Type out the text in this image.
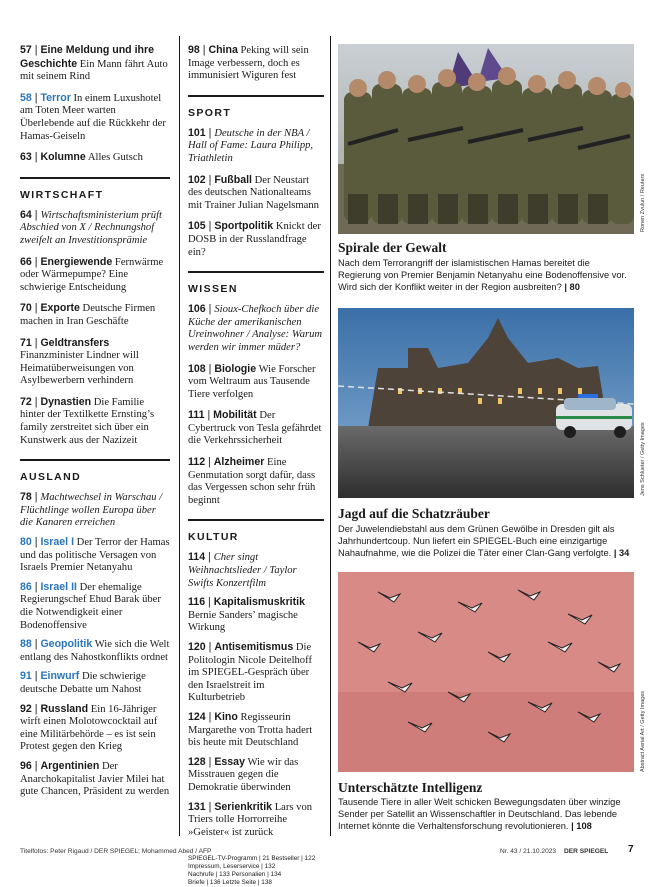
57 | Eine Meldung und ihre Geschichte Ein Mann fährt Auto mit seinem Rind
58 | Terror In einem Luxushotel am Toten Meer warten Überlebende auf die Rückkehr der Hamas-Geiseln
63 | Kolumne Alles Gutsch
WIRTSCHAFT
64 | Wirtschaftsministerium prüft Abschied von X / Rechnungshof zweifelt an Investitionsprämie
66 | Energiewende Fernwärme oder Wärmepumpe? Eine schwierige Entscheidung
70 | Exporte Deutsche Firmen machen in Iran Geschäfte
71 | Geldtransfers Finanzminister Lindner will Heimatüberweisungen von Asylbewerbern verhindern
72 | Dynastien Die Familie hinter der Textilkette Ernsting’s family zerstreitet sich über ein Kunstwerk aus der Nazizeit
AUSLAND
78 | Machtwechsel in Warschau / Flüchtlinge wollen Europa über die Kanaren erreichen
80 | Israel I Der Terror der Hamas und das politische Versagen von Israels Premier Netanyahu
86 | Israel II Der ehemalige Regierungschef Ehud Barak über die Notwendigkeit einer Bodenoffensive
88 | Geopolitik Wie sich die Welt entlang des Nahostkonflikts ordnet
91 | Einwurf Die schwierige deutsche Debatte um Nahost
92 | Russland Ein 16-Jähriger wirft einen Molotowcocktail auf eine Militärbehörde – es ist sein Protest gegen den Krieg
96 | Argentinien Der Anarchokapitalist Javier Milei hat gute Chancen, Präsident zu werden
98 | China Peking will sein Image verbessern, doch es immunisiert Wiguren fest
SPORT
101 | Deutsche in der NBA / Hall of Fame: Laura Philipp, Triathletin
102 | Fußball Der Neustart des deutschen Nationalteams mit Trainer Julian Nagelsmann
105 | Sportpolitik Knickt der DOSB in der Russlandfrage ein?
WISSEN
106 | Sioux-Chefkoch über die Küche der amerikanischen Ureinwohner / Analyse: Warum werden wir immer müder?
108 | Biologie Wie Forscher vom Weltraum aus Tausende Tiere verfolgen
111 | Mobilität Der Cybertruck von Tesla gefährdet die Verkehrssicherheit
112 | Alzheimer Eine Genmutation sorgt dafür, dass das Vergessen schon sehr früh beginnt
KULTUR
114 | Cher singt Weihnachtslieder / Taylor Swifts Konzertfilm
116 | Kapitalismuskritik Bernie Sanders’ magische Wirkung
120 | Antisemitismus Die Politologin Nicole Deitelhoff im SPIEGEL-Gespräch über den Israelstreit im Kulturbetrieb
124 | Kino Regisseurin Margarethe von Trotta hadert bis heute mit Deutschland
128 | Essay Wie wir das Misstrauen gegen die Demokratie überwinden
131 | Serienkritik Lars von Triers tolle Horrorreihe »Geister« ist zurück
SPIEGEL-TV-Programm | 21 Bestseller | 122
Impressum, Leserservice | 132
Nachrufe | 133 Personalien | 134
Briefe | 136 Letzte Seite | 138
Ronen Zvulun / Reuters
Spirale der Gewalt
Nach dem Terrorangriff der islamistischen Hamas bereitet die Regierung von Premier Benjamin Netanyahu eine Bodenoffensive vor. Wird sich der Konflikt weiter in der Region ausbreiten? | 80
Jens Schlueter / Getty Images
Jagd auf die Schatzräuber
Der Juwelendiebstahl aus dem Grünen Gewölbe in Dresden gilt als Jahrhundertcoup. Nun liefert ein SPIEGEL-Buch eine einzigartige Nahaufnahme, wie die Polizei die Täter einer Clan-Gang verfolgte. | 34
Abstract Aerial Art / Getty Images
Unterschätzte Intelligenz
Tausende Tiere in aller Welt schicken Bewegungsdaten über winzige Sender per Satellit an Wissenschaftler in Deutschland. Das lebende Internet könnte die Verhaltensforschung revolutionieren. | 108
Titelfotos: Peter Rigaud / DER SPIEGEL; Mohammed Abed / AFP	Nr. 43 / 21.10.2023 DER SPIEGEL 7
